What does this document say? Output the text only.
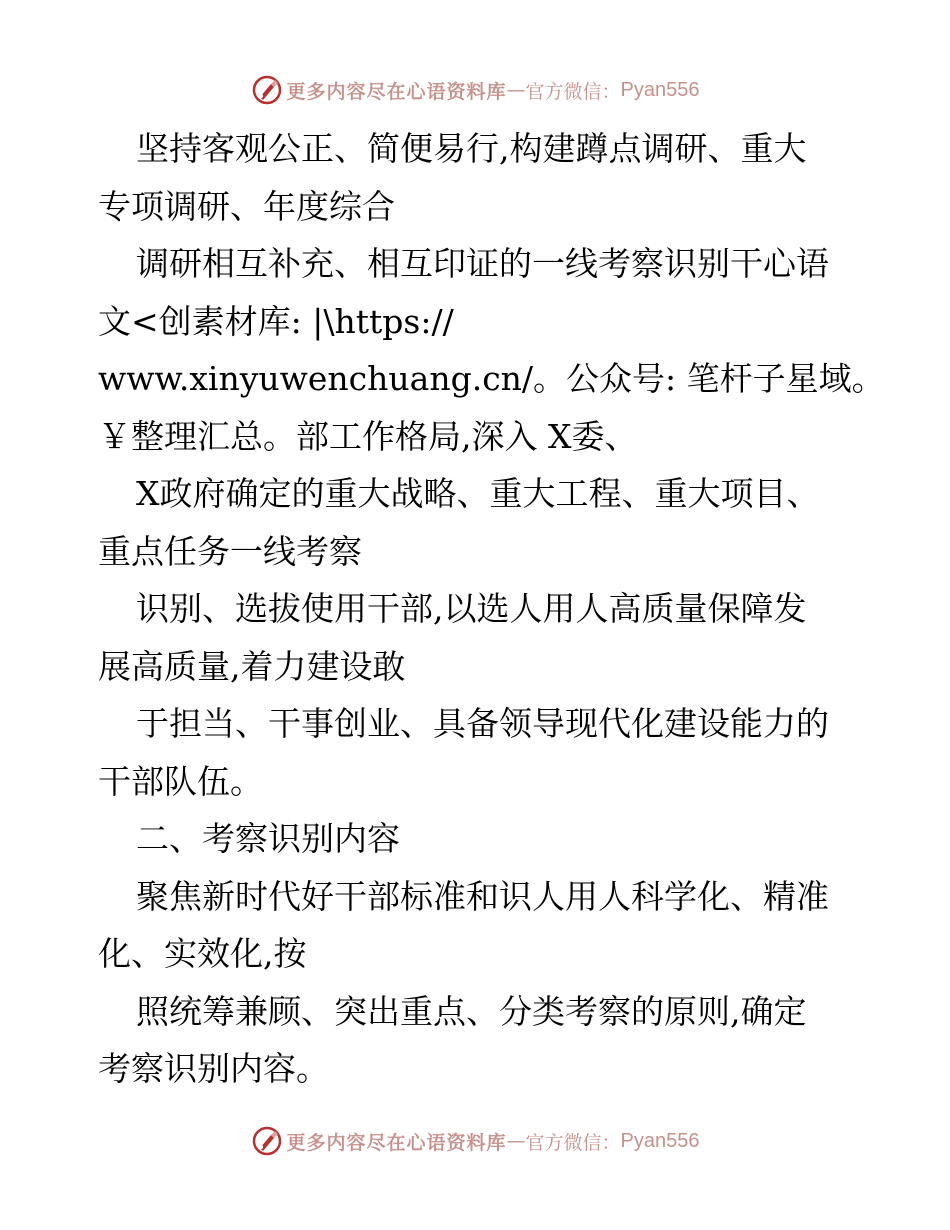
更多内容尽在心语资料库 — 官方微信： Pyan556
坚持客观公正、简便易行,构建蹲点调研、重大
专项调研、年度综合
调研相互补充、相互印证的一线考察识别干心语
文<创素材库: |\https://
www.xinyuwenchuang.cn/。公众号: 笔杆子星域。
￥整理汇总。部工作格局,深入 X委、
X政府确定的重大战略、重大工程、重大项目、
重点任务一线考察
识别、选拔使用干部,以选人用人高质量保障发
展高质量,着力建设敢
于担当、干事创业、具备领导现代化建设能力的
干部队伍。
二、考察识别内容
聚焦新时代好干部标准和识人用人科学化、精准
化、实效化,按
照统筹兼顾、突出重点、分类考察的原则,确定
考察识别内容。
更多内容尽在心语资料库 — 官方微信： Pyan556
